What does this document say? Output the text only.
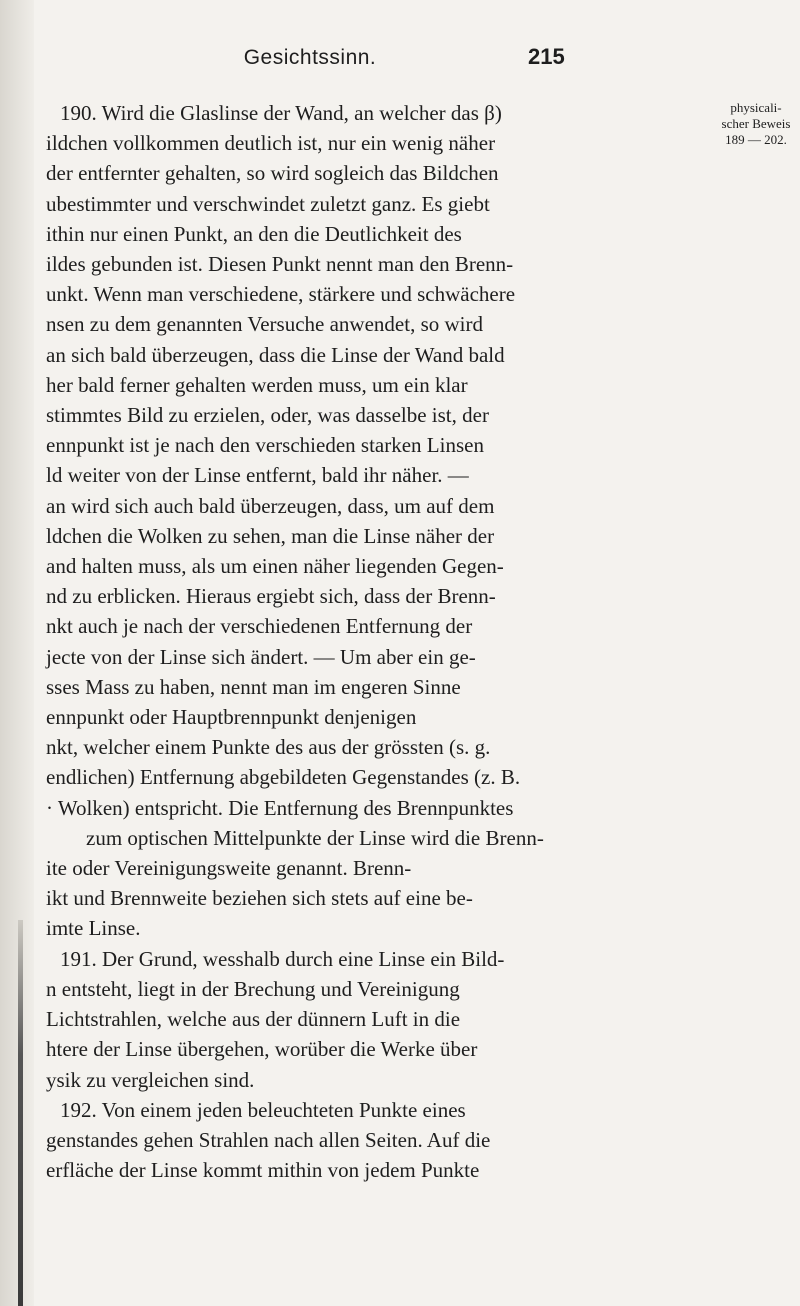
Gesichtssinn.	215
physicali-
scher Beweis
189 — 202.
190. Wird die Glaslinse der Wand, an welcher das β)
ildchen vollkommen deutlich ist, nur ein wenig näher
der entfernter gehalten, so wird sogleich das Bildchen
ubestimmter und verschwindet zuletzt ganz. Es giebt
ithin nur einen Punkt, an den die Deutlichkeit des
ildes gebunden ist. Diesen Punkt nennt man den Brenn-
unkt. Wenn man verschiedene, stärkere und schwächere
nsen zu dem genannten Versuche anwendet, so wird
an sich bald überzeugen, dass die Linse der Wand bald
her bald ferner gehalten werden muss, um ein klar
stimmtes Bild zu erzielen, oder, was dasselbe ist, der
ennpunkt ist je nach den verschieden starken Linsen
ld weiter von der Linse entfernt, bald ihr näher. —
an wird sich auch bald überzeugen, dass, um auf dem
ldchen die Wolken zu sehen, man die Linse näher der
and halten muss, als um einen näher liegenden Gegen-
nd zu erblicken. Hieraus ergiebt sich, dass der Brenn-
nkt auch je nach der verschiedenen Entfernung der
jecte von der Linse sich ändert. — Um aber ein ge-
sses Mass zu haben, nennt man im engeren Sinne
ennpunkt oder Hauptbrennpunkt denjenigen
nkt, welcher einem Punkte des aus der grössten (s. g.
endlichen) Entfernung abgebildeten Gegenstandes (z. B.
· Wolken) entspricht. Die Entfernung des Brennpunktes
zum optischen Mittelpunkte der Linse wird die Brenn-
ite oder Vereinigungsweite genannt. Brenn-
ikt und Brennweite beziehen sich stets auf eine be-
imte Linse.
191. Der Grund, wesshalb durch eine Linse ein Bild-
n entsteht, liegt in der Brechung und Vereinigung
Lichtstrahlen, welche aus der dünnern Luft in die
htere der Linse übergehen, worüber die Werke über
ysik zu vergleichen sind.
192. Von einem jeden beleuchteten Punkte eines
genstandes gehen Strahlen nach allen Seiten. Auf die
erfläche der Linse kommt mithin von jedem Punkte
